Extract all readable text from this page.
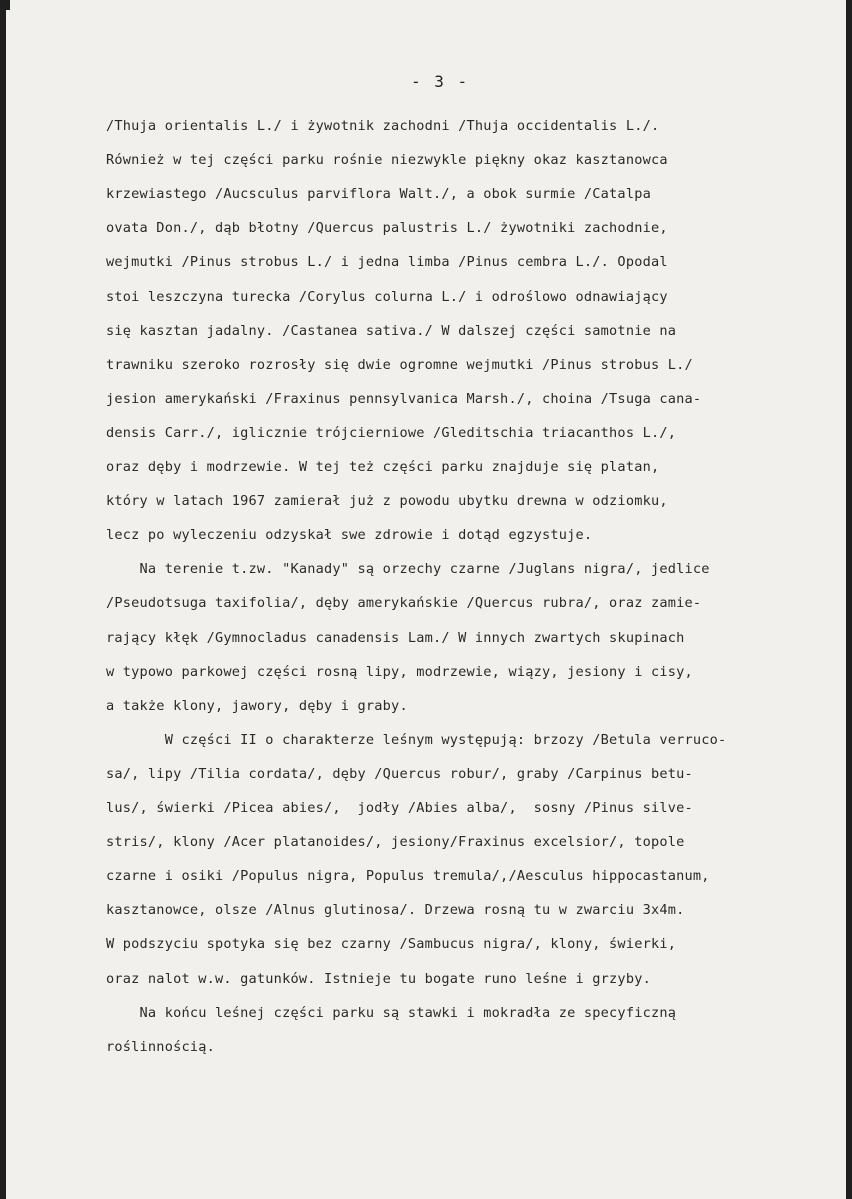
- 3 -
/Thuja orientalis L./ i żywotnik zachodni /Thuja occidentalis L./.
Również w tej części parku rośnie niezwykle piękny okaz kasztanowca
krzewiastego /Aucsculus parviflora Walt./, a obok surmie /Catalpa
ovata Don./, dąb błotny /Quercus palustris L./ żywotniki zachodnie,
wejmutki /Pinus strobus L./ i jedna limba /Pinus cembra L./. Opodal
stoi leszczyna turecka /Corylus colurna L./ i odroślowo odnawiający
się kasztan jadalny. /Castanea sativa./ W dalszej części samotnie na
trawniku szeroko rozrosły się dwie ogromne wejmutki /Pinus strobus L./
jesion amerykański /Fraxinus pennsylvanica Marsh./, choina /Tsuga cana-
densis Carr./, iglicznie trójcierniowe /Gleditschia triacanthos L./,
oraz dęby i modrzewie. W tej też części parku znajduje się platan,
który w latach 1967 zamierał już z powodu ubytku drewna w odziomku,
lecz po wyleczeniu odzyskał swe zdrowie i dotąd egzystuje.
Na terenie t.zw. "Kanady" są orzechy czarne /Juglans nigra/, jedlice
/Pseudotsuga taxifolia/, dęby amerykańskie /Quercus rubra/, oraz zamie-
rający kłęk /Gymnocladus canadensis Lam./ W innych zwartych skupinach
w typowo parkowej części rosną lipy, modrzewie, wiązy, jesiony i cisy,
a także klony, jawory, dęby i graby.
W części II o charakterze leśnym występują: brzozy /Betula verruco-
sa/, lipy /Tilia cordata/, dęby /Quercus robur/, graby /Carpinus betu-
lus/, świerki /Picea abies/,  jodły /Abies alba/,  sosny /Pinus silve-
stris/, klony /Acer platanoides/, jesiony/Fraxinus excelsior/, topole
czarne i osiki /Populus nigra, Populus tremula/,/Aesculus hippocastanum,
kasztanowce, olsze /Alnus glutinosa/. Drzewa rosną tu w zwarciu 3x4m.
W podszyciu spotyka się bez czarny /Sambucus nigra/, klony, świerki,
oraz nalot w.w. gatunków. Istnieje tu bogate runo leśne i grzyby.
Na końcu leśnej części parku są stawki i mokradła ze specyficzną
roślinnością.
